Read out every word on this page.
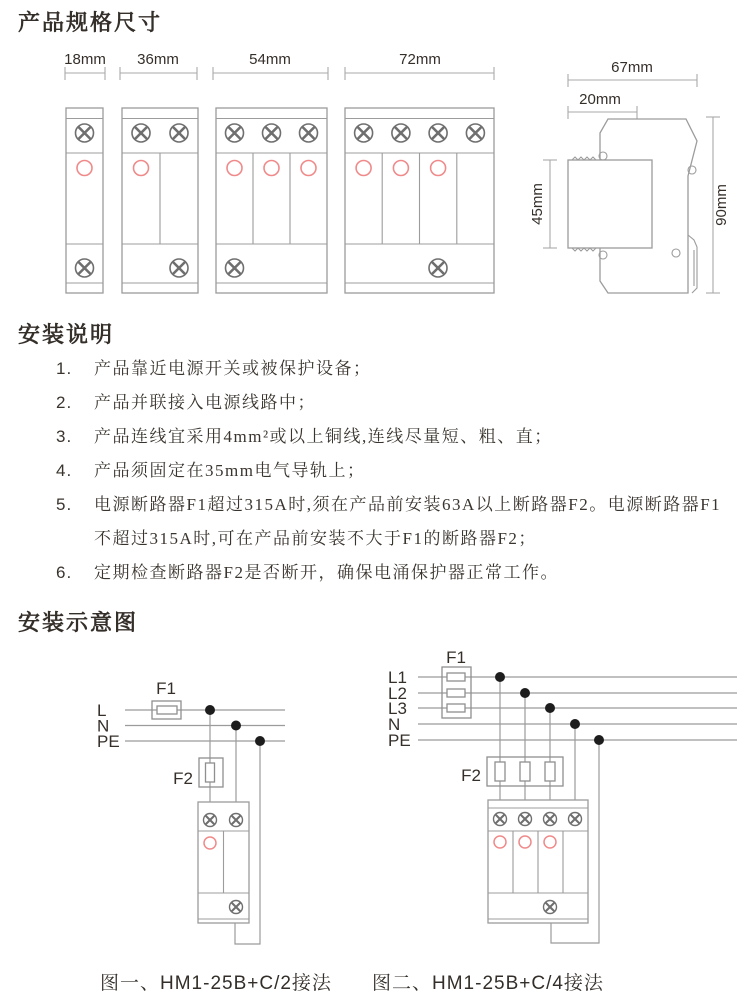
产品规格尺寸
18mm 36mm	54mm	72mm	67mm
20mm
45mm	90mm
安装说明
1.	产品靠近电源开关或被保护设备；
2.	产品并联接入电源线路中；
3.	产品连线宜采用4mm²或以上铜线,连线尽量短、粗、直；
4.	产品须固定在35mm电气导轨上；
5.	电源断路器F1超过315A时,须在产品前安装63A以上断路器F2。电源断路器F1不超过315A时,可在产品前安装不大于F1的断路器F2；
6.	定期检查断路器F2是否断开，确保电涌保护器正常工作。
安装示意图
L
N
PE
F1
F2
L1
L2
L3
N
PE
F1
F2

图一、HM1-25B+C/2接法 图二、HM1-25B+C/4接法
